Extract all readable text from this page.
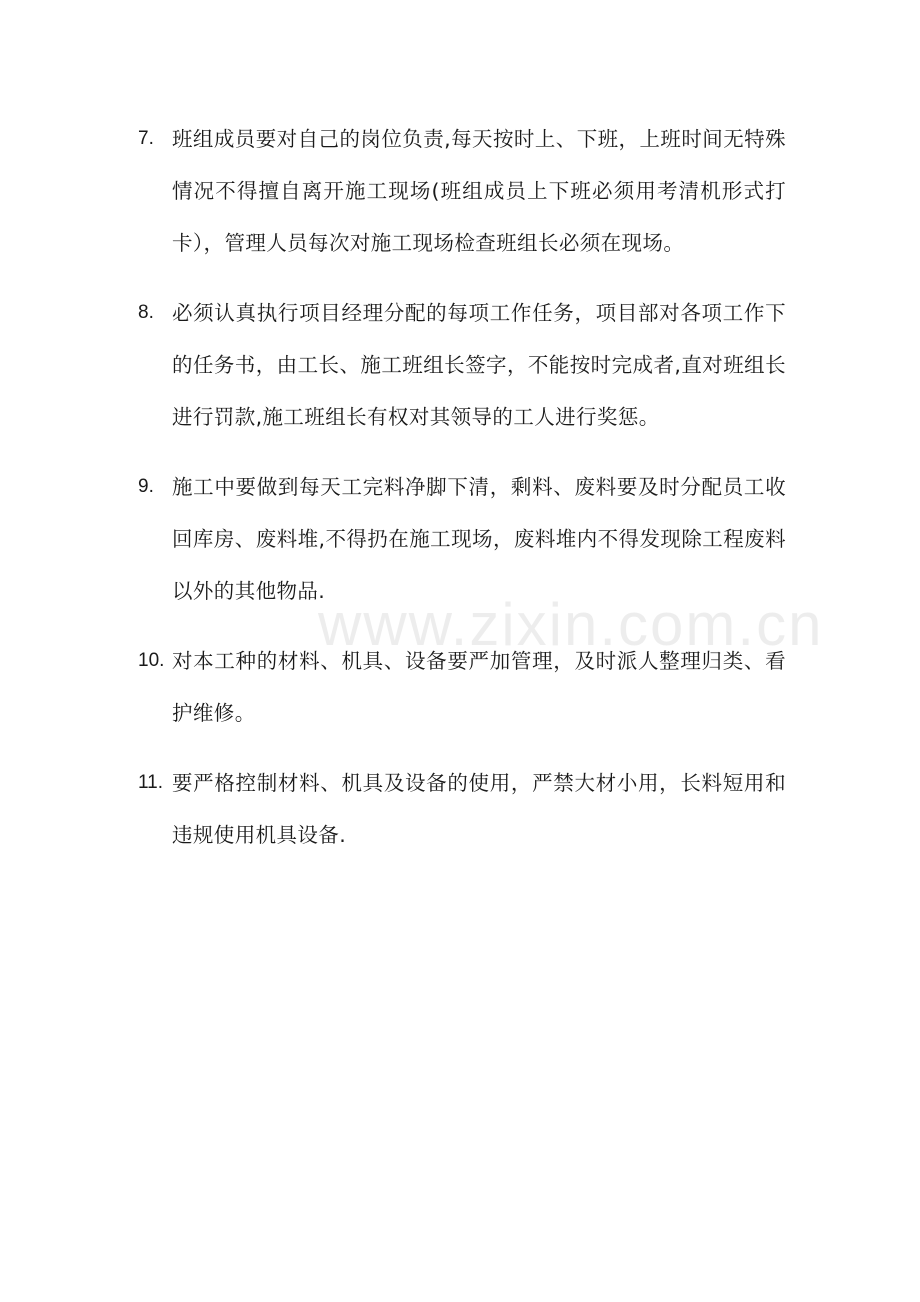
7. 班组成员要对自己的岗位负责,每天按时上、下班，上班时间无特殊情况不得擅自离开施工现场(班组成员上下班必须用考清机形式打卡），管理人员每次对施工现场检查班组长必须在现场。
8. 必须认真执行项目经理分配的每项工作任务，项目部对各项工作下的任务书，由工长、施工班组长签字，不能按时完成者,直对班组长进行罚款,施工班组长有权对其领导的工人进行奖惩。
9. 施工中要做到每天工完料净脚下清，剩料、废料要及时分配员工收回库房、废料堆,不得扔在施工现场，废料堆内不得发现除工程废料以外的其他物品.
10. 对本工种的材料、机具、设备要严加管理，及时派人整理归类、看护维修。
11. 要严格控制材料、机具及设备的使用，严禁大材小用，长料短用和违规使用机具设备.
www.zixin.com.cn
